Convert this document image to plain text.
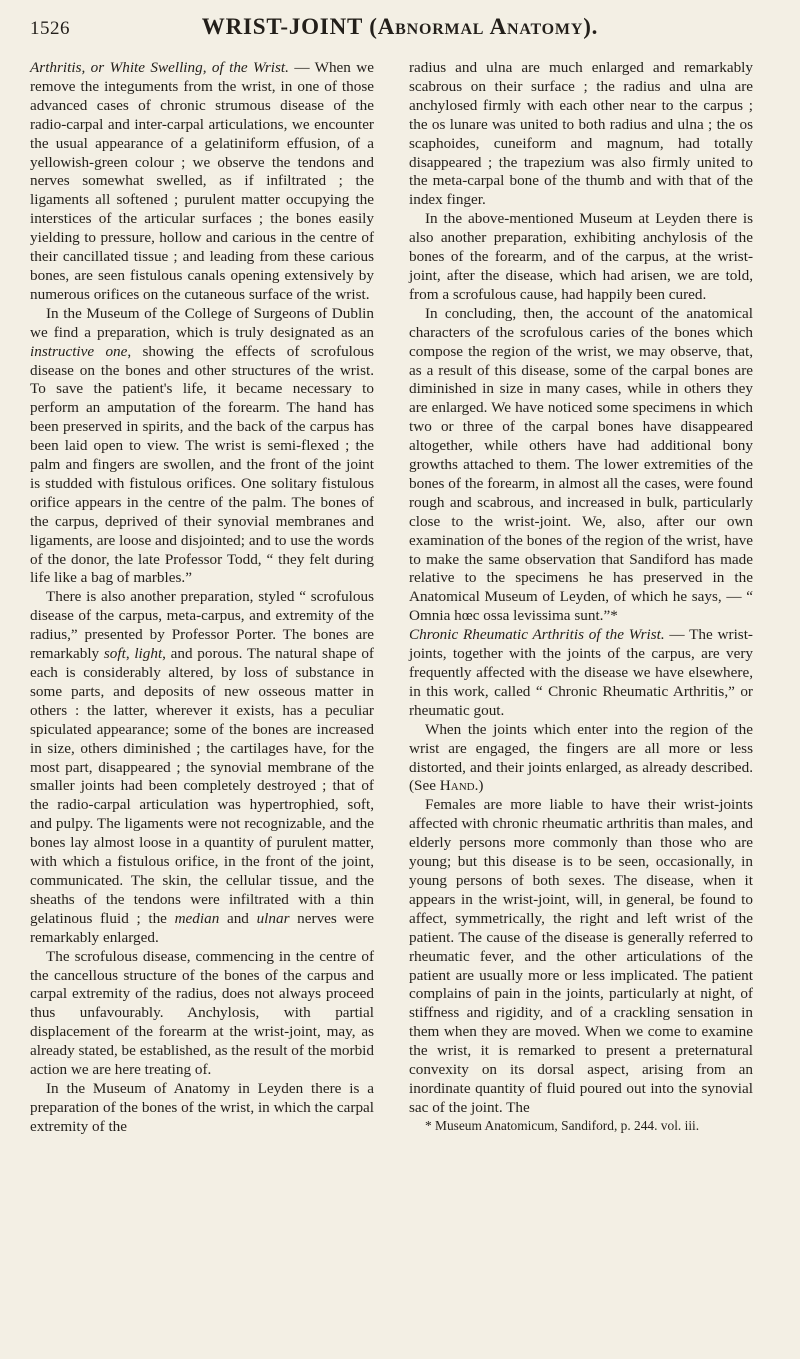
1526	WRIST-JOINT (Abnormal Anatomy).

Arthritis, or White Swelling, of the Wrist. — When we remove the integuments from the wrist, in one of those advanced cases of chronic strumous disease of the radio-carpal and inter-carpal articulations, we encounter the usual appearance of a gelatiniform effusion, of a yellowish-green colour ; we observe the tendons and nerves somewhat swelled, as if infiltrated ; the ligaments all softened ; purulent matter occupying the interstices of the articular surfaces ; the bones easily yielding to pressure, hollow and carious in the centre of their cancillated tissue ; and leading from these carious bones, are seen fistulous canals opening extensively by numerous orifices on the cutaneous surface of the wrist.

In the Museum of the College of Surgeons of Dublin we find a preparation, which is truly designated as an instructive one, showing the effects of scrofulous disease on the bones and other structures of the wrist. To save the patient's life, it became necessary to perform an amputation of the forearm. The hand has been preserved in spirits, and the back of the carpus has been laid open to view. The wrist is semi-flexed ; the palm and fingers are swollen, and the front of the joint is studded with fistulous orifices. One solitary fistulous orifice appears in the centre of the palm. The bones of the carpus, deprived of their synovial membranes and ligaments, are loose and disjointed; and to use the words of the donor, the late Professor Todd, “ they felt during life like a bag of marbles.”

There is also another preparation, styled “ scrofulous disease of the carpus, meta-carpus, and extremity of the radius,” presented by Professor Porter. The bones are remarkably soft, light, and porous. The natural shape of each is considerably altered, by loss of substance in some parts, and deposits of new osseous matter in others : the latter, wherever it exists, has a peculiar spiculated appearance; some of the bones are increased in size, others diminished ; the cartilages have, for the most part, disappeared ; the synovial membrane of the smaller joints had been completely destroyed ; that of the radio-carpal articulation was hypertrophied, soft, and pulpy. The ligaments were not recognizable, and the bones lay almost loose in a quantity of purulent matter, with which a fistulous orifice, in the front of the joint, communicated. The skin, the cellular tissue, and the sheaths of the tendons were infiltrated with a thin gelatinous fluid ; the median and ulnar nerves were remarkably enlarged.

The scrofulous disease, commencing in the centre of the cancellous structure of the bones of the carpus and carpal extremity of the radius, does not always proceed thus unfavourably. Anchylosis, with partial displacement of the forearm at the wrist-joint, may, as already stated, be established, as the result of the morbid action we are here treating of.

In the Museum of Anatomy in Leyden there is a preparation of the bones of the wrist, in which the carpal extremity of the

radius and ulna are much enlarged and remarkably scabrous on their surface ; the radius and ulna are anchylosed firmly with each other near to the carpus ; the os lunare was united to both radius and ulna ; the os scaphoides, cuneiform and magnum, had totally disappeared ; the trapezium was also firmly united to the meta-carpal bone of the thumb and with that of the index finger.

In the above-mentioned Museum at Leyden there is also another preparation, exhibiting anchylosis of the bones of the forearm, and of the carpus, at the wrist-joint, after the disease, which had arisen, we are told, from a scrofulous cause, had happily been cured.

In concluding, then, the account of the anatomical characters of the scrofulous caries of the bones which compose the region of the wrist, we may observe, that, as a result of this disease, some of the carpal bones are diminished in size in many cases, while in others they are enlarged. We have noticed some specimens in which two or three of the carpal bones have disappeared altogether, while others have had additional bony growths attached to them. The lower extremities of the bones of the forearm, in almost all the cases, were found rough and scabrous, and increased in bulk, particularly close to the wrist-joint. We, also, after our own examination of the bones of the region of the wrist, have to make the same observation that Sandiford has made relative to the specimens he has preserved in the Anatomical Museum of Leyden, of which he says, — “ Omnia hœc ossa levissima sunt.”*

Chronic Rheumatic Arthritis of the Wrist. — The wrist-joints, together with the joints of the carpus, are very frequently affected with the disease we have elsewhere, in this work, called “ Chronic Rheumatic Arthritis,” or rheumatic gout.

When the joints which enter into the region of the wrist are engaged, the fingers are all more or less distorted, and their joints enlarged, as already described. (See Hand.)

Females are more liable to have their wrist-joints affected with chronic rheumatic arthritis than males, and elderly persons more commonly than those who are young; but this disease is to be seen, occasionally, in young persons of both sexes. The disease, when it appears in the wrist-joint, will, in general, be found to affect, symmetrically, the right and left wrist of the patient. The cause of the disease is generally referred to rheumatic fever, and the other articulations of the patient are usually more or less implicated. The patient complains of pain in the joints, particularly at night, of stiffness and rigidity, and of a crackling sensation in them when they are moved. When we come to examine the wrist, it is remarked to present a preternatural convexity on its dorsal aspect, arising from an inordinate quantity of fluid poured out into the synovial sac of the joint. The

* Museum Anatomicum, Sandiford, p. 244. vol. iii.
